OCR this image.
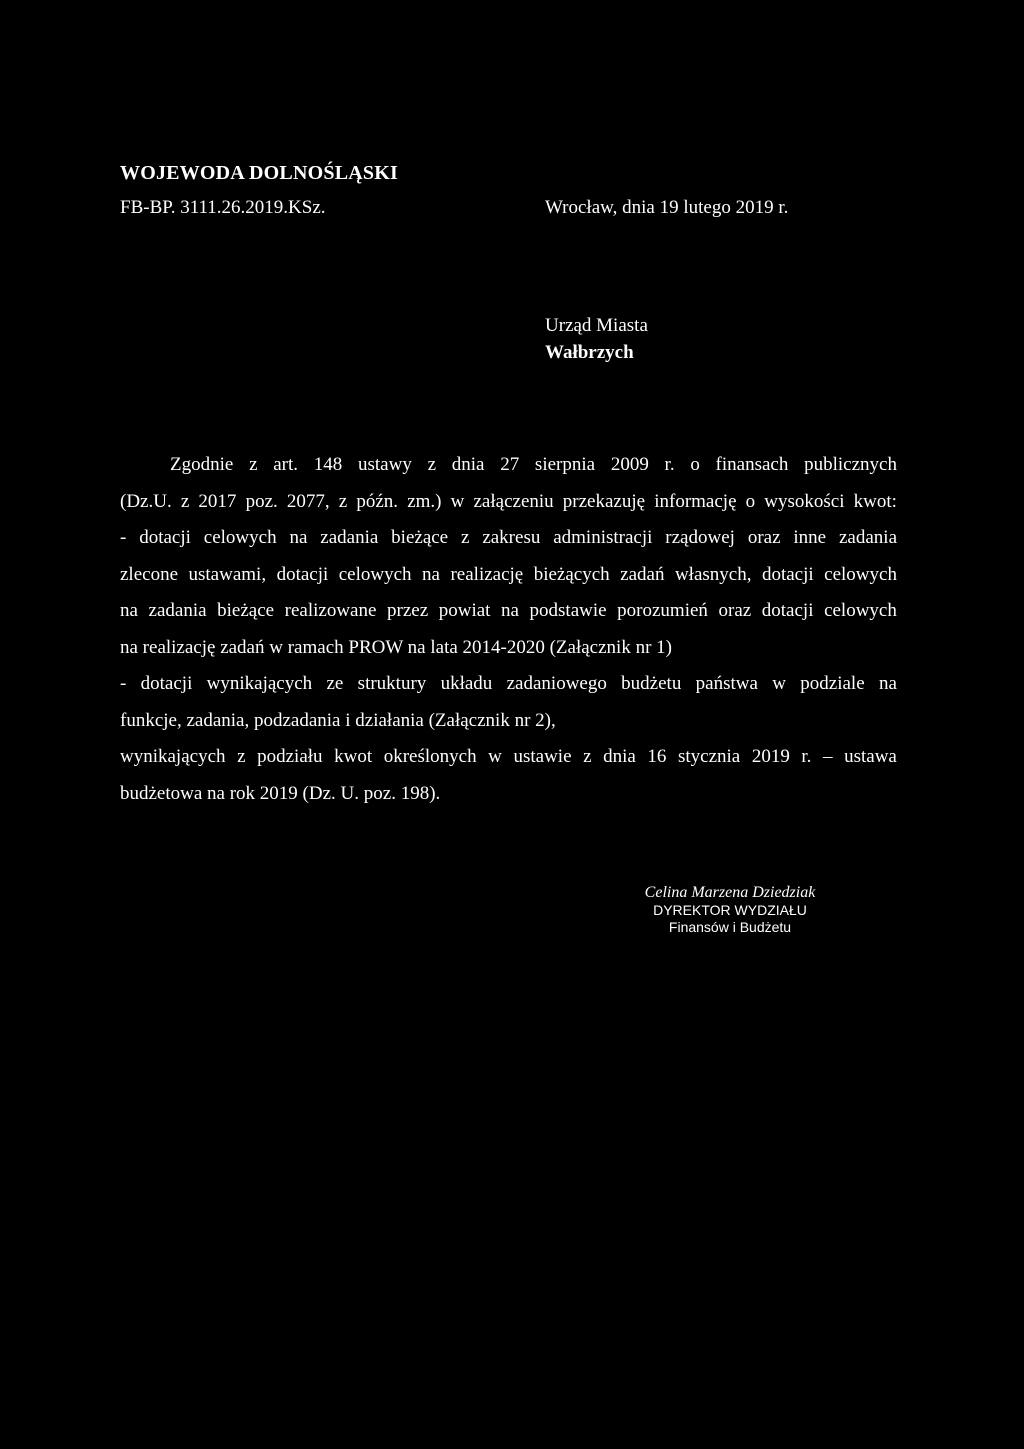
WOJEWODA DOLNOŚLĄSKI
FB-BP. 3111.26.2019.KSz.	Wrocław, dnia 19 lutego 2019 r.
Urząd Miasta
Wałbrzych
Zgodnie z art. 148 ustawy z dnia 27 sierpnia 2009 r. o finansach publicznych
(Dz.U. z 2017 poz. 2077, z późn. zm.) w załączeniu przekazuję informację o wysokości kwot:
- dotacji celowych na zadania bieżące z zakresu administracji rządowej oraz inne zadania
zlecone ustawami, dotacji celowych na realizację bieżących zadań własnych, dotacji celowych
na zadania bieżące realizowane przez powiat na podstawie porozumień oraz dotacji celowych
na realizację zadań w ramach PROW na lata 2014-2020 (Załącznik nr 1)
- dotacji wynikających ze struktury układu zadaniowego budżetu państwa w podziale na
funkcje, zadania, podzadania i działania (Załącznik nr 2),
wynikających z podziału kwot określonych w ustawie z dnia 16 stycznia 2019 r. – ustawa
budżetowa na rok 2019 (Dz. U. poz. 198).
Celina Marzena Dziedziak
DYREKTOR WYDZIAŁU
Finansów i Budżetu
